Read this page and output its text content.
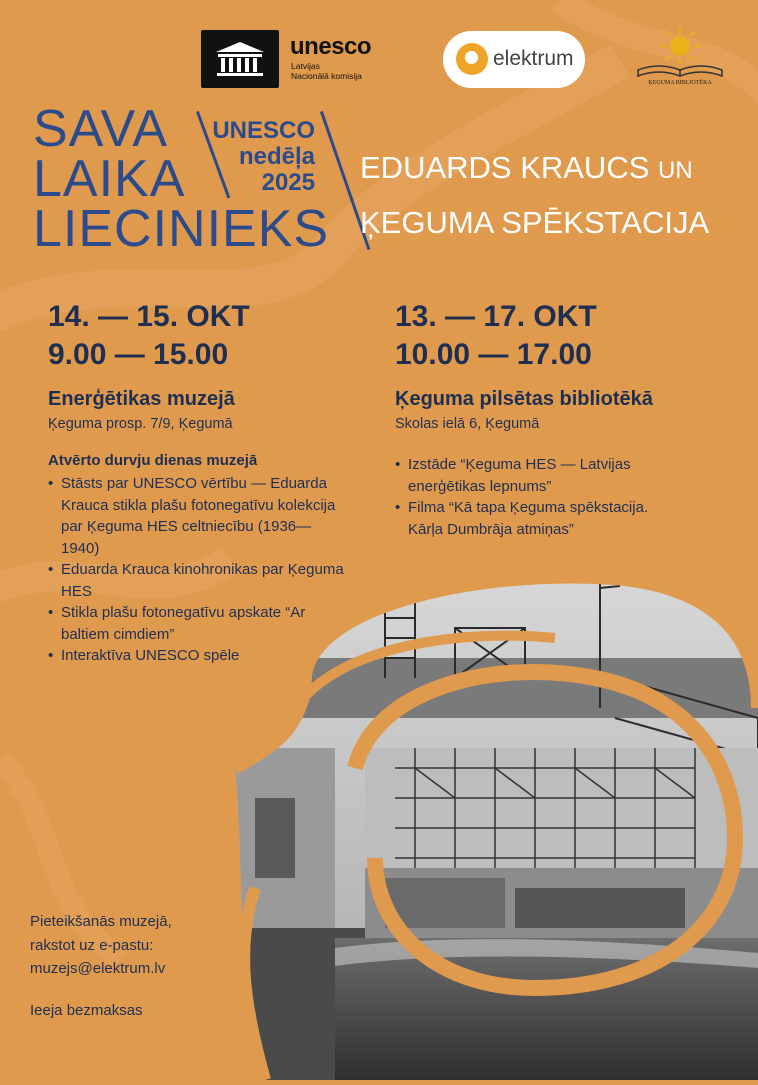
unesco
Latvijas
Nacionālā komisija
elektrum
ĶEGUMA BIBLIOTĒKA
SAVA
LAIKA
LIECINIEKS
UNESCO
nedēļa
2025 EDUARDS KRAUCS UN
ĶEGUMA SPĒKSTACIJA
14. — 15. OKT
9.00 — 15.00
Enerģētikas muzejā
Ķeguma prosp. 7/9, Ķegumā
Atvērto durvju dienas muzejā
• Stāsts par UNESCO vērtību — Eduarda Krauca stikla plašu fotonegatīvu kolekcija par Ķeguma HES celtniecību (1936—1940)
• Eduarda Krauca kinohronikas par Ķeguma HES
• Stikla plašu fotonegatīvu apskate “Ar baltiem cimdiem”
• Interaktīva UNESCO spēle
13. — 17. OKT
10.00 — 17.00
Ķeguma pilsētas bibliotēkā
Skolas ielā 6, Ķegumā
• Izstāde “Ķeguma HES — Latvijas enerģētikas lepnums”
• Filma “Kā tapa Ķeguma spēkstacija. Kārļa Dumbrāja atmiņas”
Pieteikšanās muzejā,
rakstot uz e-pastu:
muzejs@elektrum.lv
Ieeja bezmaksas
